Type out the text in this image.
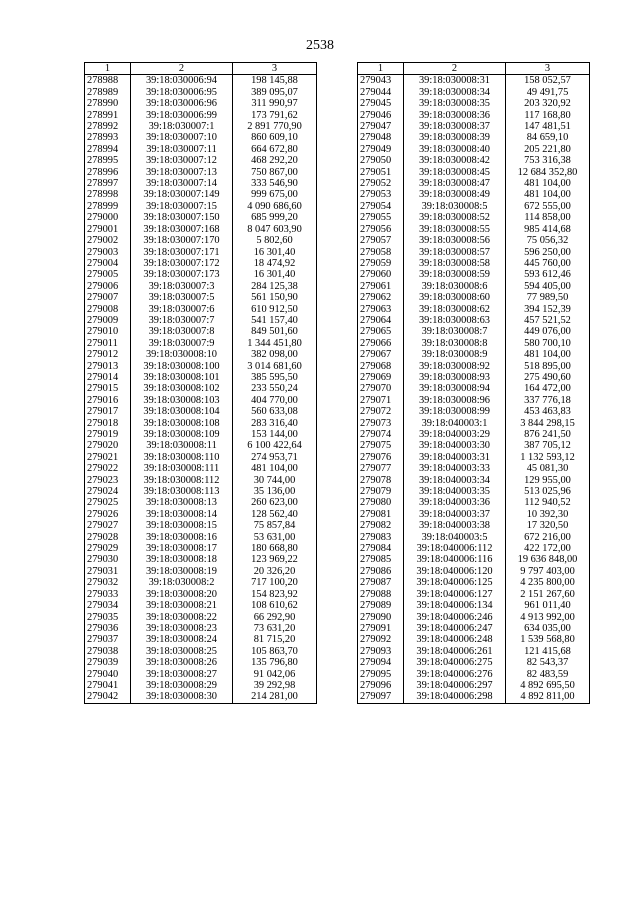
2538
1	2	3
278988	39:18:030006:94	198 145,88
278989	39:18:030006:95	389 095,07
278990	39:18:030006:96	311 990,97
278991	39:18:030006:99	173 791,62
278992	39:18:030007:1	2 891 770,90
278993	39:18:030007:10	860 609,10
278994	39:18:030007:11	664 672,80
278995	39:18:030007:12	468 292,20
278996	39:18:030007:13	750 867,00
278997	39:18:030007:14	333 546,90
278998	39:18:030007:149	999 675,00
278999	39:18:030007:15	4 090 686,60
279000	39:18:030007:150	685 999,20
279001	39:18:030007:168	8 047 603,90
279002	39:18:030007:170	5 802,60
279003	39:18:030007:171	16 301,40
279004	39:18:030007:172	18 474,92
279005	39:18:030007:173	16 301,40
279006	39:18:030007:3	284 125,38
279007	39:18:030007:5	561 150,90
279008	39:18:030007:6	610 912,50
279009	39:18:030007:7	541 157,40
279010	39:18:030007:8	849 501,60
279011	39:18:030007:9	1 344 451,80
279012	39:18:030008:10	382 098,00
279013	39:18:030008:100	3 014 681,60
279014	39:18:030008:101	385 595,50
279015	39:18:030008:102	233 550,24
279016	39:18:030008:103	404 770,00
279017	39:18:030008:104	560 633,08
279018	39:18:030008:108	283 316,40
279019	39:18:030008:109	153 144,00
279020	39:18:030008:11	6 100 422,64
279021	39:18:030008:110	274 953,71
279022	39:18:030008:111	481 104,00
279023	39:18:030008:112	30 744,00
279024	39:18:030008:113	35 136,00
279025	39:18:030008:13	260 623,00
279026	39:18:030008:14	128 562,40
279027	39:18:030008:15	75 857,84
279028	39:18:030008:16	53 631,00
279029	39:18:030008:17	180 668,80
279030	39:18:030008:18	123 969,22
279031	39:18:030008:19	20 326,20
279032	39:18:030008:2	717 100,20
279033	39:18:030008:20	154 823,92
279034	39:18:030008:21	108 610,62
279035	39:18:030008:22	66 292,90
279036	39:18:030008:23	73 631,20
279037	39:18:030008:24	81 715,20
279038	39:18:030008:25	105 863,70
279039	39:18:030008:26	135 796,80
279040	39:18:030008:27	91 042,06
279041	39:18:030008:29	39 292,98
279042	39:18:030008:30	214 281,00
1	2	3
279043	39:18:030008:31	158 052,57
279044	39:18:030008:34	49 491,75
279045	39:18:030008:35	203 320,92
279046	39:18:030008:36	117 168,80
279047	39:18:030008:37	147 481,51
279048	39:18:030008:39	84 659,10
279049	39:18:030008:40	205 221,80
279050	39:18:030008:42	753 316,38
279051	39:18:030008:45	12 684 352,80
279052	39:18:030008:47	481 104,00
279053	39:18:030008:49	481 104,00
279054	39:18:030008:5	672 555,00
279055	39:18:030008:52	114 858,00
279056	39:18:030008:55	985 414,68
279057	39:18:030008:56	75 056,32
279058	39:18:030008:57	596 250,00
279059	39:18:030008:58	445 760,00
279060	39:18:030008:59	593 612,46
279061	39:18:030008:6	594 405,00
279062	39:18:030008:60	77 989,50
279063	39:18:030008:62	394 152,39
279064	39:18:030008:63	457 521,52
279065	39:18:030008:7	449 076,00
279066	39:18:030008:8	580 700,10
279067	39:18:030008:9	481 104,00
279068	39:18:030008:92	518 895,00
279069	39:18:030008:93	275 490,60
279070	39:18:030008:94	164 472,00
279071	39:18:030008:96	337 776,18
279072	39:18:030008:99	453 463,83
279073	39:18:040003:1	3 844 298,15
279074	39:18:040003:29	876 241,50
279075	39:18:040003:30	387 705,12
279076	39:18:040003:31	1 132 593,12
279077	39:18:040003:33	45 081,30
279078	39:18:040003:34	129 955,00
279079	39:18:040003:35	513 025,96
279080	39:18:040003:36	112 940,52
279081	39:18:040003:37	10 392,30
279082	39:18:040003:38	17 320,50
279083	39:18:040003:5	672 216,00
279084	39:18:040006:112	422 172,00
279085	39:18:040006:116	19 636 848,00
279086	39:18:040006:120	9 797 403,00
279087	39:18:040006:125	4 235 800,00
279088	39:18:040006:127	2 151 267,60
279089	39:18:040006:134	961 011,40
279090	39:18:040006:246	4 913 992,00
279091	39:18:040006:247	634 035,00
279092	39:18:040006:248	1 539 568,80
279093	39:18:040006:261	121 415,68
279094	39:18:040006:275	82 543,37
279095	39:18:040006:276	82 483,59
279096	39:18:040006:297	4 892 695,50
279097	39:18:040006:298	4 892 811,00
